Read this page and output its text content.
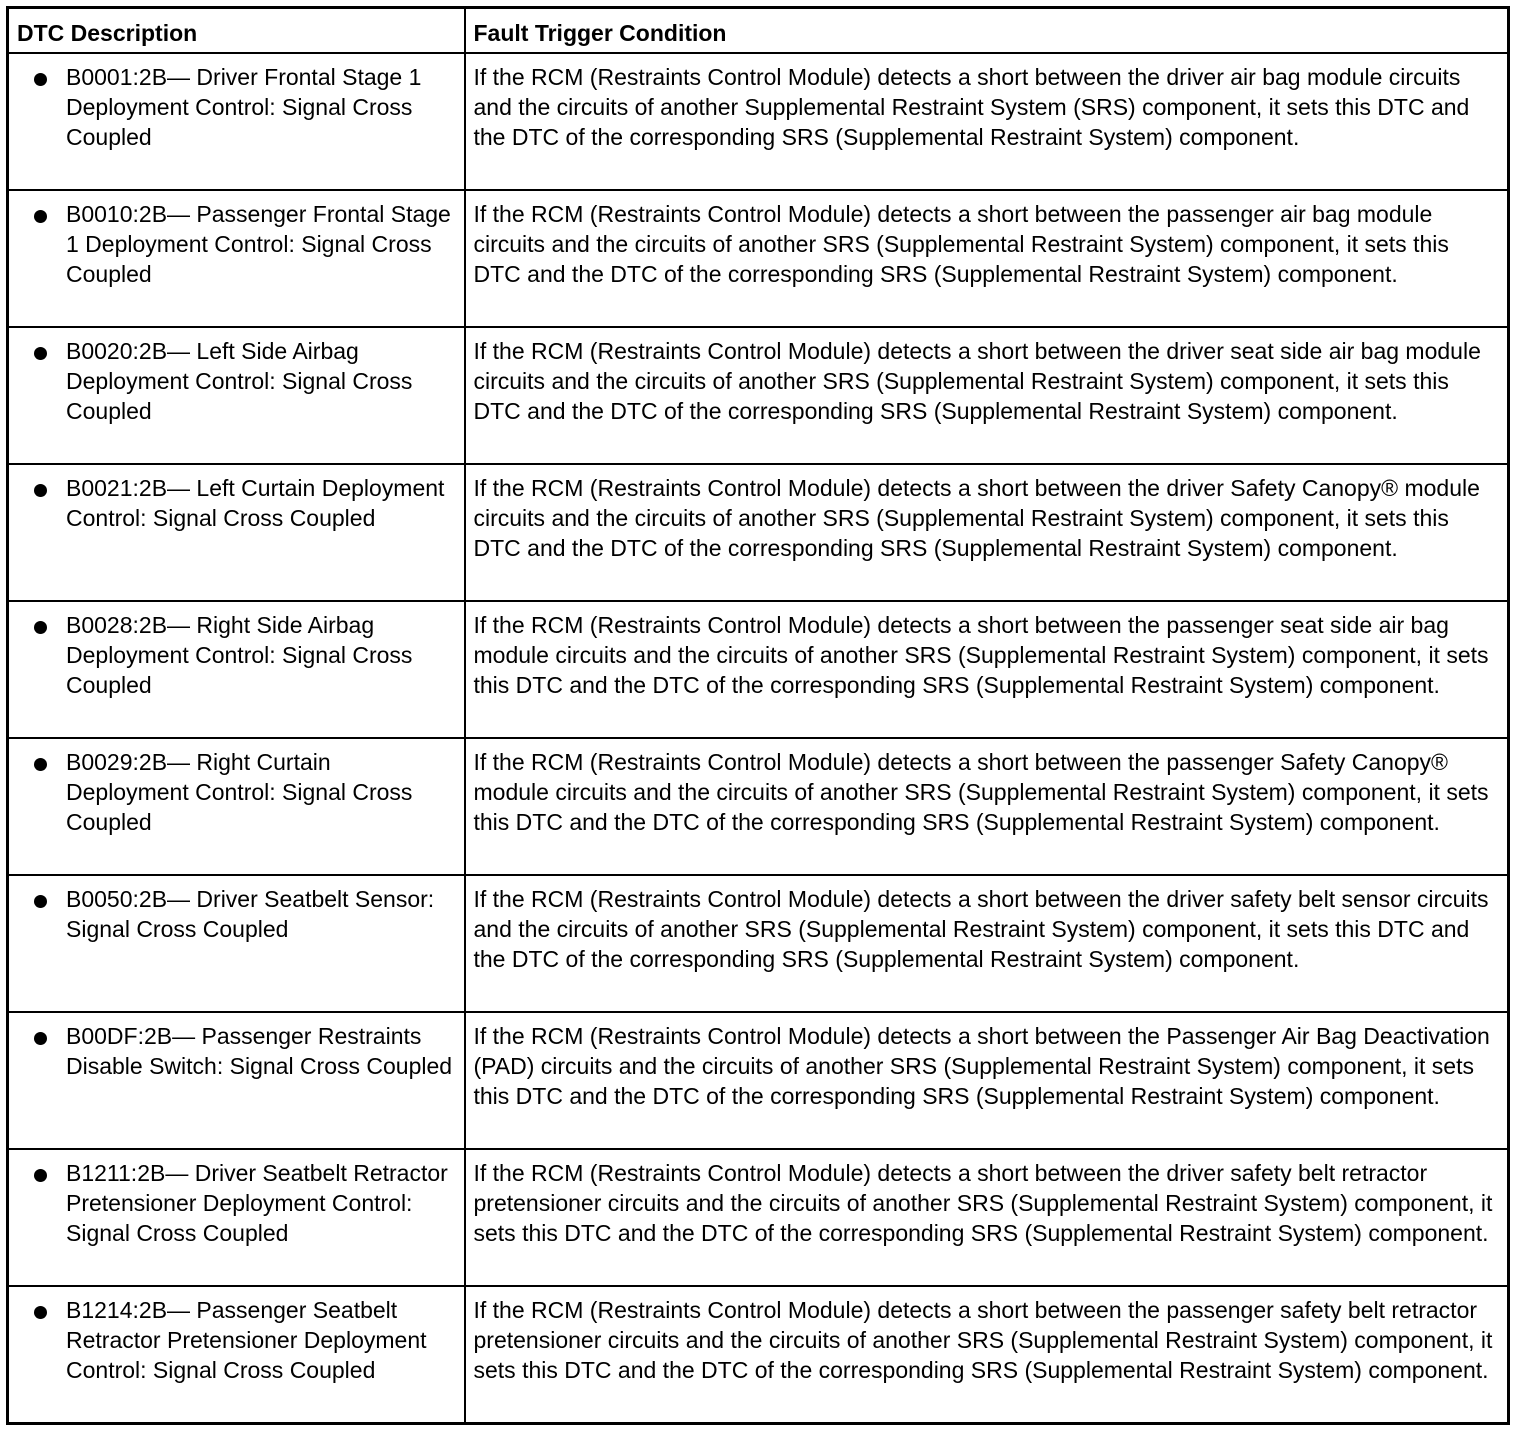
DTC Description	Fault Trigger Condition

B0001:2B— Driver Frontal Stage 1 Deployment Control: Signal Cross Coupled	If the RCM (Restraints Control Module) detects a short between the driver air bag module circuits and the circuits of another Supplemental Restraint System (SRS) component, it sets this DTC and the DTC of the corresponding SRS (Supplemental Restraint System) component.

B0010:2B— Passenger Frontal Stage 1 Deployment Control: Signal Cross Coupled	If the RCM (Restraints Control Module) detects a short between the passenger air bag module circuits and the circuits of another SRS (Supplemental Restraint System) component, it sets this DTC and the DTC of the corresponding SRS (Supplemental Restraint System) component.

B0020:2B— Left Side Airbag Deployment Control: Signal Cross Coupled	If the RCM (Restraints Control Module) detects a short between the driver seat side air bag module circuits and the circuits of another SRS (Supplemental Restraint System) component, it sets this DTC and the DTC of the corresponding SRS (Supplemental Restraint System) component.

B0021:2B— Left Curtain Deployment Control: Signal Cross Coupled	If the RCM (Restraints Control Module) detects a short between the driver Safety Canopy® module circuits and the circuits of another SRS (Supplemental Restraint System) component, it sets this DTC and the DTC of the corresponding SRS (Supplemental Restraint System) component.

B0028:2B— Right Side Airbag Deployment Control: Signal Cross Coupled	If the RCM (Restraints Control Module) detects a short between the passenger seat side air bag module circuits and the circuits of another SRS (Supplemental Restraint System) component, it sets this DTC and the DTC of the corresponding SRS (Supplemental Restraint System) component.

B0029:2B— Right Curtain Deployment Control: Signal Cross Coupled	If the RCM (Restraints Control Module) detects a short between the passenger Safety Canopy® module circuits and the circuits of another SRS (Supplemental Restraint System) component, it sets this DTC and the DTC of the corresponding SRS (Supplemental Restraint System) component.

B0050:2B— Driver Seatbelt Sensor: Signal Cross Coupled	If the RCM (Restraints Control Module) detects a short between the driver safety belt sensor circuits and the circuits of another SRS (Supplemental Restraint System) component, it sets this DTC and the DTC of the corresponding SRS (Supplemental Restraint System) component.

B00DF:2B— Passenger Restraints Disable Switch: Signal Cross Coupled	If the RCM (Restraints Control Module) detects a short between the Passenger Air Bag Deactivation (PAD) circuits and the circuits of another SRS (Supplemental Restraint System) component, it sets this DTC and the DTC of the corresponding SRS (Supplemental Restraint System) component.

B1211:2B— Driver Seatbelt Retractor Pretensioner Deployment Control: Signal Cross Coupled	If the RCM (Restraints Control Module) detects a short between the driver safety belt retractor pretensioner circuits and the circuits of another SRS (Supplemental Restraint System) component, it sets this DTC and the DTC of the corresponding SRS (Supplemental Restraint System) component.

B1214:2B— Passenger Seatbelt Retractor Pretensioner Deployment Control: Signal Cross Coupled	If the RCM (Restraints Control Module) detects a short between the passenger safety belt retractor pretensioner circuits and the circuits of another SRS (Supplemental Restraint System) component, it sets this DTC and the DTC of the corresponding SRS (Supplemental Restraint System) component.
